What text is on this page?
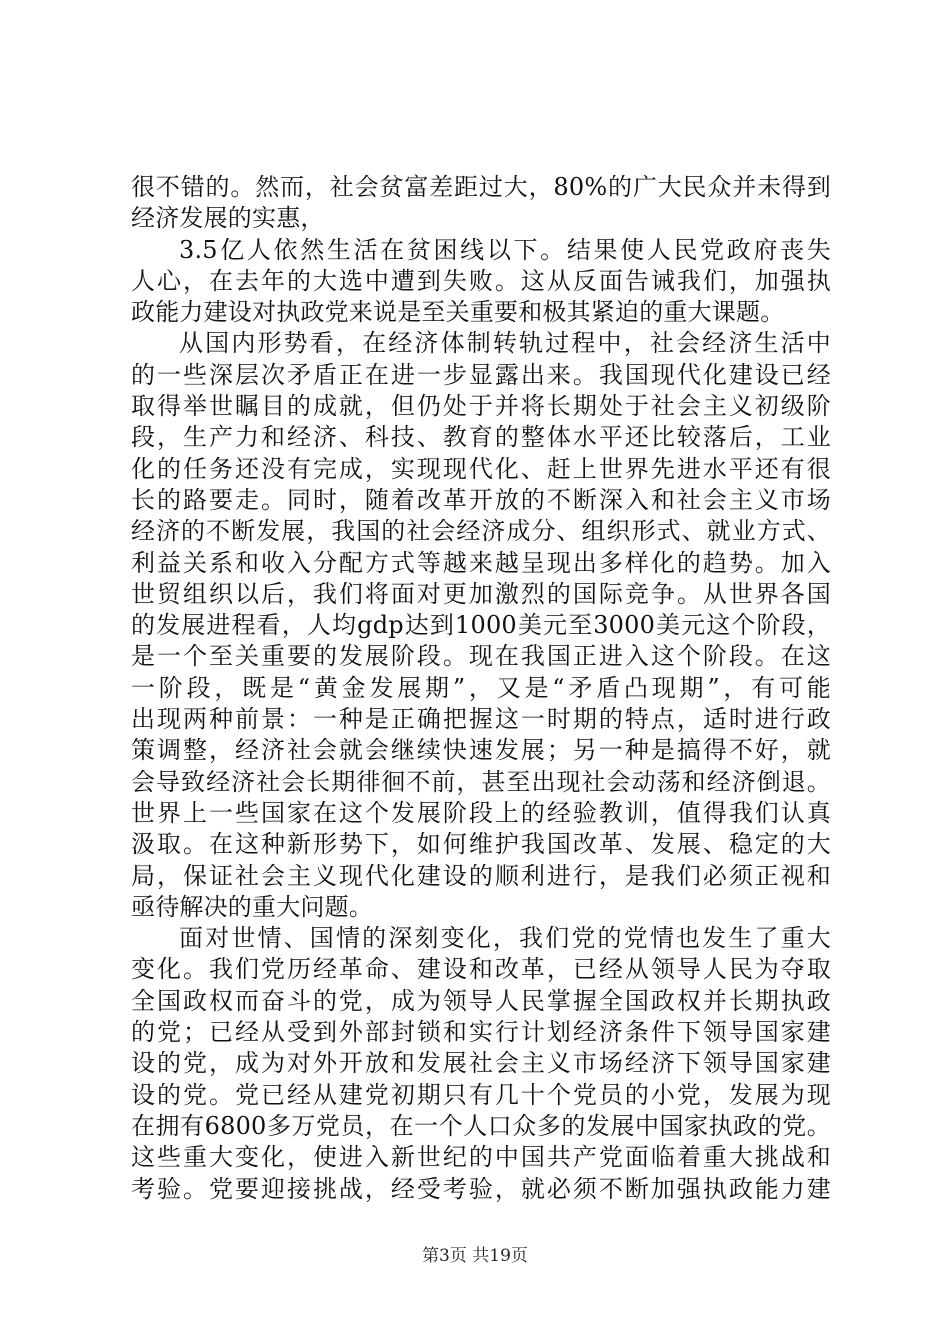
很不错的。然而，社会贫富差距过大，80%的广大民众并未得到
经济发展的实惠，
3.5亿人依然生活在贫困线以下。结果使人民党政府丧失
人心，在去年的大选中遭到失败。这从反面告诫我们，加强执
政能力建设对执政党来说是至关重要和极其紧迫的重大课题。
从国内形势看，在经济体制转轨过程中，社会经济生活中
的一些深层次矛盾正在进一步显露出来。我国现代化建设已经
取得举世瞩目的成就，但仍处于并将长期处于社会主义初级阶
段，生产力和经济、科技、教育的整体水平还比较落后，工业
化的任务还没有完成，实现现代化、赶上世界先进水平还有很
长的路要走。同时，随着改革开放的不断深入和社会主义市场
经济的不断发展，我国的社会经济成分、组织形式、就业方式、
利益关系和收入分配方式等越来越呈现出多样化的趋势。加入
世贸组织以后，我们将面对更加激烈的国际竞争。从世界各国
的发展进程看，人均gdp达到1000美元至3000美元这个阶段，
是一个至关重要的发展阶段。现在我国正进入这个阶段。在这
一阶段，既是“黄金发展期”，又是“矛盾凸现期”，有可能
出现两种前景：一种是正确把握这一时期的特点，适时进行政
策调整，经济社会就会继续快速发展；另一种是搞得不好，就
会导致经济社会长期徘徊不前，甚至出现社会动荡和经济倒退。
世界上一些国家在这个发展阶段上的经验教训，值得我们认真
汲取。在这种新形势下，如何维护我国改革、发展、稳定的大
局，保证社会主义现代化建设的顺利进行，是我们必须正视和
亟待解决的重大问题。
面对世情、国情的深刻变化，我们党的党情也发生了重大
变化。我们党历经革命、建设和改革，已经从领导人民为夺取
全国政权而奋斗的党，成为领导人民掌握全国政权并长期执政
的党；已经从受到外部封锁和实行计划经济条件下领导国家建
设的党，成为对外开放和发展社会主义市场经济下领导国家建
设的党。党已经从建党初期只有几十个党员的小党，发展为现
在拥有6800多万党员，在一个人口众多的发展中国家执政的党。
这些重大变化，使进入新世纪的中国共产党面临着重大挑战和
考验。党要迎接挑战，经受考验，就必须不断加强执政能力建
第3页 共19页
